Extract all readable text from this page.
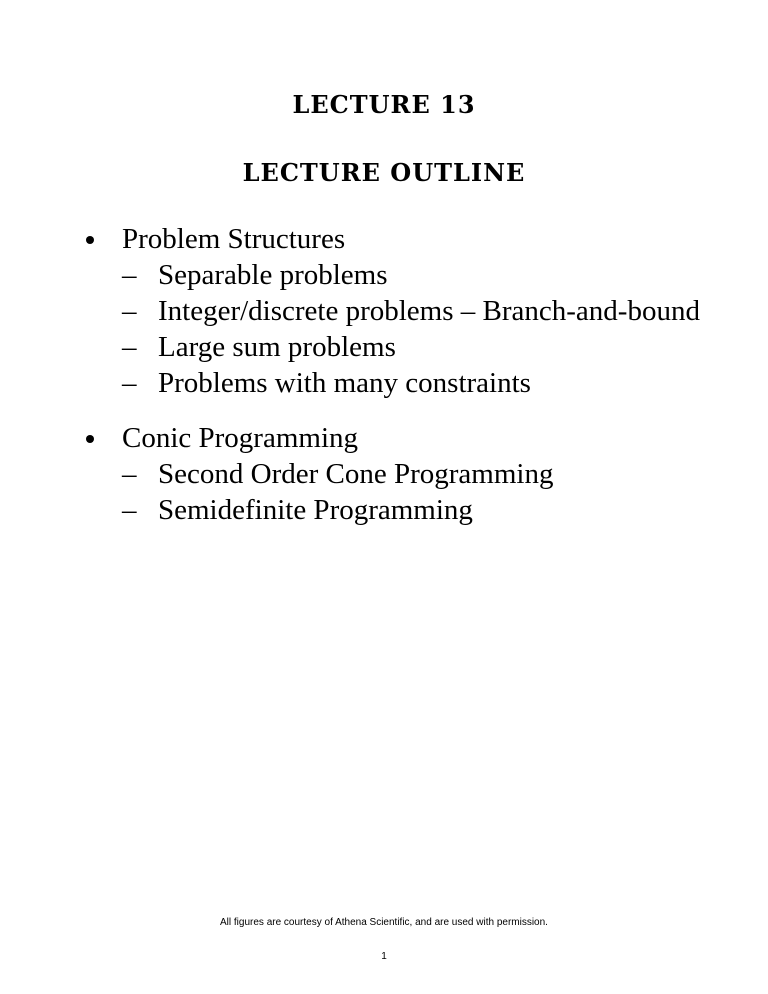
LECTURE 13
LECTURE OUTLINE
Problem Structures
– Separable problems
– Integer/discrete problems – Branch-and-bound
– Large sum problems
– Problems with many constraints
Conic Programming
– Second Order Cone Programming
– Semidefinite Programming
All figures are courtesy of Athena Scientific, and are used with permission.
1
